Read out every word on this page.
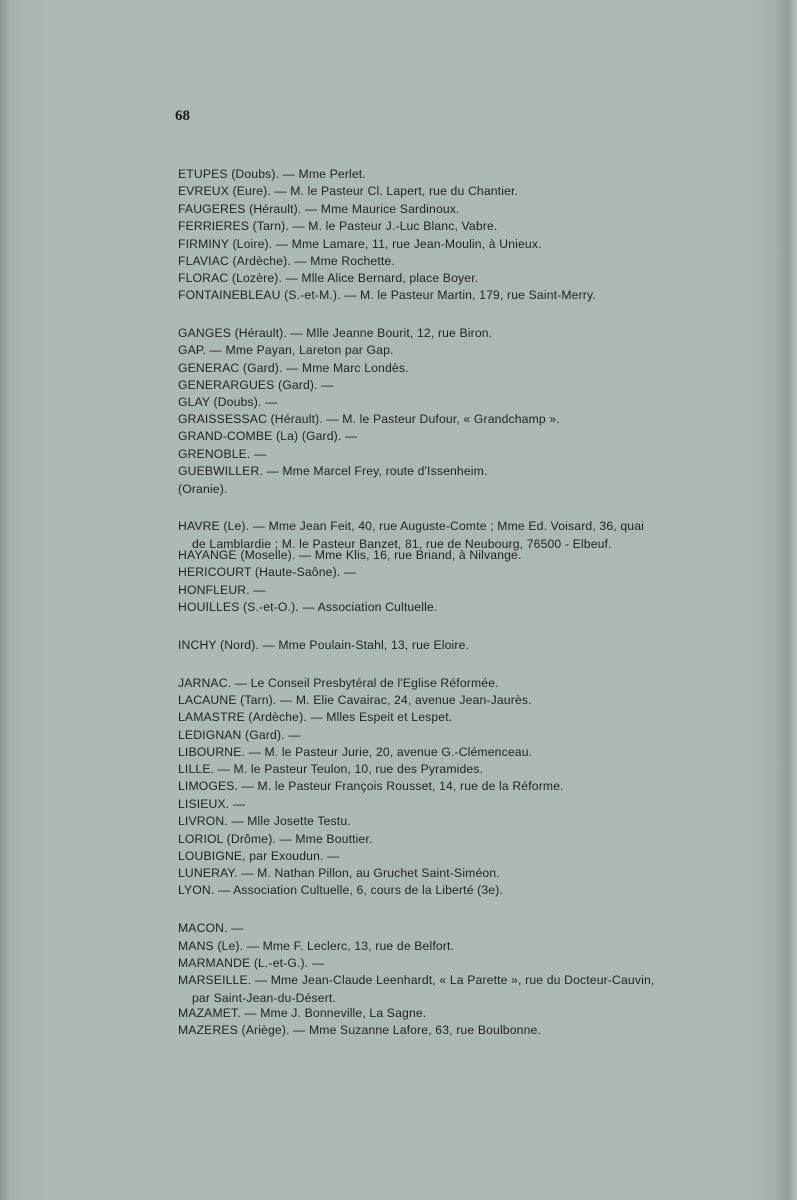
68
ETUPES (Doubs). — Mme Perlet.
EVREUX (Eure). — M. le Pasteur Cl. Lapert, rue du Chantier.
FAUGERES (Hérault). — Mme Maurice Sardinoux.
FERRIERES (Tarn). — M. le Pasteur J.-Luc Blanc, Vabre.
FIRMINY (Loire). — Mme Lamare, 11, rue Jean-Moulin, à Unieux.
FLAVIAC (Ardèche). — Mme Rochette.
FLORAC (Lozère). — Mlle Alice Bernard, place Boyer.
FONTAINEBLEAU (S.-et-M.). — M. le Pasteur Martin, 179, rue Saint-Merry.
GANGES (Hérault). — Mlle Jeanne Bourit, 12, rue Biron.
GAP. — Mme Payan, Lareton par Gap.
GENERAC (Gard). — Mme Marc Londès.
GENERARGUES (Gard). —
GLAY (Doubs). —
GRAISSESSAC (Hérault). — M. le Pasteur Dufour, « Grandchamp ».
GRAND-COMBE (La) (Gard). —
GRENOBLE. —
GUEBWILLER. — Mme Marcel Frey, route d'Issenheim.
(Oranie).
HAVRE (Le). — Mme Jean Feit, 40, rue Auguste-Comte ; Mme Ed. Voisard, 36, quai
de Lamblardie ; M. le Pasteur Banzet, 81, rue de Neubourg, 76500 - Elbeuf.
HAYANGE (Moselle). — Mme Klis, 16, rue Briand, à Nilvange.
HERICOURT (Haute-Saône). —
HONFLEUR. —
HOUILLES (S.-et-O.). — Association Cultuelle.
INCHY (Nord). — Mme Poulain-Stahl, 13, rue Eloire.
JARNAC. — Le Conseil Presbytéral de l'Eglise Réformée.
LACAUNE (Tarn). — M. Elie Cavairac, 24, avenue Jean-Jaurès.
LAMASTRE (Ardèche). — Mlles Espeit et Lespet.
LEDIGNAN (Gard). —
LIBOURNE. — M. le Pasteur Jurie, 20, avenue G.-Clémenceau.
LILLE. — M. le Pasteur Teulon, 10, rue des Pyramides.
LIMOGES. — M. le Pasteur François Rousset, 14, rue de la Réforme.
LISIEUX. —
LIVRON. — Mlle Josette Testu.
LORIOL (Drôme). — Mme Bouttier.
LOUBIGNE, par Exoudun. —
LUNERAY. — M. Nathan Pillon, au Gruchet Saint-Siméon.
LYON. — Association Cultuelle, 6, cours de la Liberté (3e).
MACON. —
MANS (Le). — Mme F. Leclerc, 13, rue de Belfort.
MARMANDE (L.-et-G.). —
MARSEILLE. — Mme Jean-Claude Leenhardt, « La Parette », rue du Docteur-Cauvin,
par Saint-Jean-du-Désert.
MAZAMET. — Mme J. Bonneville, La Sagne.
MAZERES (Ariège). — Mme Suzanne Lafore, 63, rue Boulbonne.
